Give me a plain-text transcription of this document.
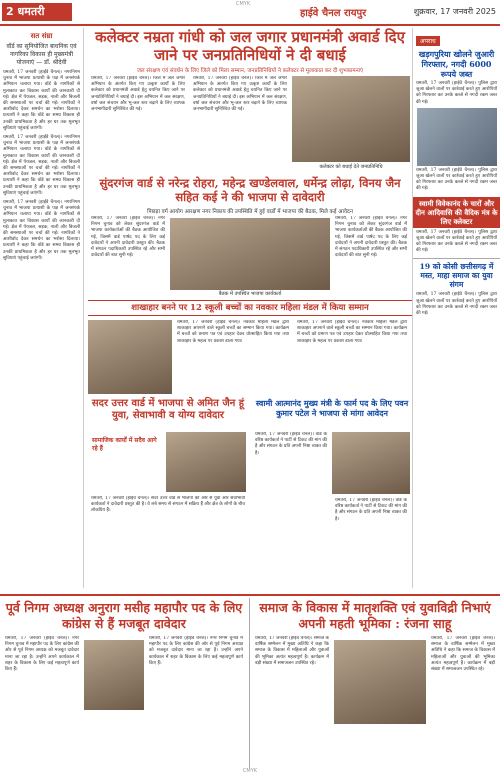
2 धमतरी
CMYK
हाईवे चैनल रायपुर	शुक्रवार, 17 जनवरी 2025
सत संघ्रा
वॉर्ड का सुनियोजित बाधनिक एवं नागरिका विकास ही मुख्यमंत्री योजनाएं — डॉ. श्रीदेवी
धमतरी, 17 जनवरी (हाईवे चैनल)। नगरनिगम चुनाव में भाजपा प्रत्याशी के पक्ष में जनसंपर्क अभियान चलाया गया। वॉर्ड के नागरिकों से मुलाकात कर विकास कार्यों की जानकारी दी गई। क्षेत्र में पेयजल, सड़क, नाली और बिजली की समस्याओं पर चर्चा की गई। नागरिकों ने आशीर्वाद देकर समर्थन का भरोसा दिलाया। प्रत्याशी ने कहा कि वॉर्ड का समग्र विकास ही उनकी प्राथमिकता है और हर घर तक मूलभूत सुविधाएं पहुंचाई जाएंगी।
धमतरी, 17 जनवरी (हाईवे चैनल)। नगरनिगम चुनाव में भाजपा प्रत्याशी के पक्ष में जनसंपर्क अभियान चलाया गया। वॉर्ड के नागरिकों से मुलाकात कर विकास कार्यों की जानकारी दी गई। क्षेत्र में पेयजल, सड़क, नाली और बिजली की समस्याओं पर चर्चा की गई। नागरिकों ने आशीर्वाद देकर समर्थन का भरोसा दिलाया। प्रत्याशी ने कहा कि वॉर्ड का समग्र विकास ही उनकी प्राथमिकता है और हर घर तक मूलभूत सुविधाएं पहुंचाई जाएंगी।
धमतरी, 17 जनवरी (हाईवे चैनल)। नगरनिगम चुनाव में भाजपा प्रत्याशी के पक्ष में जनसंपर्क अभियान चलाया गया। वॉर्ड के नागरिकों से मुलाकात कर विकास कार्यों की जानकारी दी गई। क्षेत्र में पेयजल, सड़क, नाली और बिजली की समस्याओं पर चर्चा की गई। नागरिकों ने आशीर्वाद देकर समर्थन का भरोसा दिलाया। प्रत्याशी ने कहा कि वॉर्ड का समग्र विकास ही उनकी प्राथमिकता है और हर घर तक मूलभूत सुविधाएं पहुंचाई जाएंगी।
कलेक्टर नम्रता गांधी को जल जगार प्रधानमंत्री अवार्ड दिए जाने पर जनप्रतिनिधियों ने दी बधाई
जल संरक्षण एवं संवर्धन के लिए जिले को मिला सम्मान, जनप्रतिनिधियों ने कलेक्टर से मुलाकात कर दी शुभकामनाएं
धमतरी, 17 जनवरी (हाईवे चैनल)। जिले में जल जगार अभियान के अंतर्गत किए गए उत्कृष्ट कार्यों के लिए कलेक्टर को प्रधानमंत्री अवार्ड हेतु चयनित किए जाने पर जनप्रतिनिधियों ने बधाई दी। इस अभियान में जल संरक्षण, वर्षा जल संचयन और भू-जल स्तर बढ़ाने के लिए व्यापक जनभागीदारी सुनिश्चित की गई।
धमतरी, 17 जनवरी (हाईवे चैनल)। जिले में जल जगार अभियान के अंतर्गत किए गए उत्कृष्ट कार्यों के लिए कलेक्टर को प्रधानमंत्री अवार्ड हेतु चयनित किए जाने पर जनप्रतिनिधियों ने बधाई दी। इस अभियान में जल संरक्षण, वर्षा जल संचयन और भू-जल स्तर बढ़ाने के लिए व्यापक जनभागीदारी सुनिश्चित की गई।
कलेक्टर को बधाई देते जनप्रतिनिधि
सुंदरगंज वार्ड से नरेन्द्र रोहरा, महेन्द्र खण्डेलवाल, धर्मेन्द्र लोढ़ा, विनय जैन सहित कई ने की भाजपा से दावेदारी
पिछड़ा वर्ग आयोग आरक्षण नगर निकाय की उपस्थिति में हुई वार्डों में भाजपा की बैठक, मिले कई आवेदन
धमतरी, 17 जनवरी (हाईवे चैनल)। नगर निगम चुनाव को लेकर सुंदरगंज वार्ड में भाजपा कार्यकर्ताओं की बैठक आयोजित की गई, जिसमें वार्ड पार्षद पद के लिए कई दावेदारों ने अपनी दावेदारी प्रस्तुत की। बैठक में संगठन पदाधिकारी उपस्थित रहे और सभी दावेदारों की बात सुनी गई।
बैठक में उपस्थित भाजपा कार्यकर्ता
धमतरी, 17 जनवरी (हाईवे चैनल)। नगर निगम चुनाव को लेकर सुंदरगंज वार्ड में भाजपा कार्यकर्ताओं की बैठक आयोजित की गई, जिसमें वार्ड पार्षद पद के लिए कई दावेदारों ने अपनी दावेदारी प्रस्तुत की। बैठक में संगठन पदाधिकारी उपस्थित रहे और सभी दावेदारों की बात सुनी गई।
शाखाहार बनने पर 12 स्कूली बच्चों का नवकार महिला मंडल में किया सम्मान
धमतरी, 17 जनवरी (हाईवे चैनल)। नवकार महिला मंडल द्वारा शाकाहार अपनाने वाले स्कूली बच्चों का सम्मान किया गया। कार्यक्रम में बच्चों को प्रमाण पत्र एवं उपहार देकर प्रोत्साहित किया गया तथा शाकाहार के महत्व पर प्रकाश डाला गया।
धमतरी, 17 जनवरी (हाईवे चैनल)। नवकार महिला मंडल द्वारा शाकाहार अपनाने वाले स्कूली बच्चों का सम्मान किया गया। कार्यक्रम में बच्चों को प्रमाण पत्र एवं उपहार देकर प्रोत्साहित किया गया तथा शाकाहार के महत्व पर प्रकाश डाला गया।
सदर उत्तर वार्ड में भाजपा से अमित जैन हूं युवा, सेवाभावी व योग्य दावेदार
सामाजिक कार्यों में सदैव आगे रहे हैं
धमतरी, 17 जनवरी (हाईवे चैनल)। सदर उत्तर वार्ड से भाजपा की ओर से युवा और सेवाभावी कार्यकर्ता ने दावेदारी प्रस्तुत की है। वे लंबे समय से संगठन में सक्रिय हैं और क्षेत्र के लोगों के बीच लोकप्रिय हैं।
स्वामी आत्मानंद मुख्य मंत्री के फार्म पद के लिए पवन कुमार पटेल ने भाजपा से मांगा आवेदन
धमतरी, 17 जनवरी (हाईवे चैनल)। वार्ड के वरिष्ठ कार्यकर्ता ने पार्टी से टिकट की मांग की है और संगठन के प्रति अपनी निष्ठा व्यक्त की है।
धमतरी, 17 जनवरी (हाईवे चैनल)। वार्ड के वरिष्ठ कार्यकर्ता ने पार्टी से टिकट की मांग की है और संगठन के प्रति अपनी निष्ठा व्यक्त की है।
अपराध
खड़गपुरिया खोलने जुआरी गिरफ्तार, नगदी 6000 रूपये जब्त
धमतरी, 17 जनवरी (हाईवे चैनल)। पुलिस द्वारा जुआ खेलने वालों पर कार्रवाई करते हुए आरोपियों को गिरफ्तार कर उनके कब्जे से नगदी रकम जब्त की गई।
धमतरी, 17 जनवरी (हाईवे चैनल)। पुलिस द्वारा जुआ खेलने वालों पर कार्रवाई करते हुए आरोपियों को गिरफ्तार कर उनके कब्जे से नगदी रकम जब्त की गई।
स्वामी विवेकानंद के चारों और दीन आदिवासि की वैदिक मंत्र के लिए क्लेक्टर
धमतरी, 17 जनवरी (हाईवे चैनल)। पुलिस द्वारा जुआ खेलने वालों पर कार्रवाई करते हुए आरोपियों को गिरफ्तार कर उनके कब्जे से नगदी रकम जब्त की गई।
19 को कोसी छत्तीसगढ़ में मस्त, माहा समाज का युवा संगम
धमतरी, 17 जनवरी (हाईवे चैनल)। पुलिस द्वारा जुआ खेलने वालों पर कार्रवाई करते हुए आरोपियों को गिरफ्तार कर उनके कब्जे से नगदी रकम जब्त की गई।
पूर्व निगम अध्यक्ष अनुराग मसीह महापौर पद के लिए कांग्रेस से हैं मजबूत दावेदार
धमतरी, 17 जनवरी (हाईवे चैनल)। नगर निगम चुनाव में महापौर पद के लिए कांग्रेस की ओर से पूर्व निगम अध्यक्ष को मजबूत दावेदार माना जा रहा है। उन्होंने अपने कार्यकाल में शहर के विकास के लिए कई महत्वपूर्ण कार्य किए हैं।
धमतरी, 17 जनवरी (हाईवे चैनल)। नगर निगम चुनाव में महापौर पद के लिए कांग्रेस की ओर से पूर्व निगम अध्यक्ष को मजबूत दावेदार माना जा रहा है। उन्होंने अपने कार्यकाल में शहर के विकास के लिए कई महत्वपूर्ण कार्य किए हैं।
समाज के विकास में मातृशक्ति एवं युवाविद्री निभाएं अपनी महती भूमिका : रंजना साहू
धमतरी, 17 जनवरी (हाईवे चैनल)। समाज के वार्षिक सम्मेलन में मुख्य अतिथि ने कहा कि समाज के विकास में महिलाओं और युवाओं की भूमिका अत्यंत महत्वपूर्ण है। कार्यक्रम में बड़ी संख्या में समाजजन उपस्थित रहे।
धमतरी, 17 जनवरी (हाईवे चैनल)। समाज के वार्षिक सम्मेलन में मुख्य अतिथि ने कहा कि समाज के विकास में महिलाओं और युवाओं की भूमिका अत्यंत महत्वपूर्ण है। कार्यक्रम में बड़ी संख्या में समाजजन उपस्थित रहे।
CMYK
